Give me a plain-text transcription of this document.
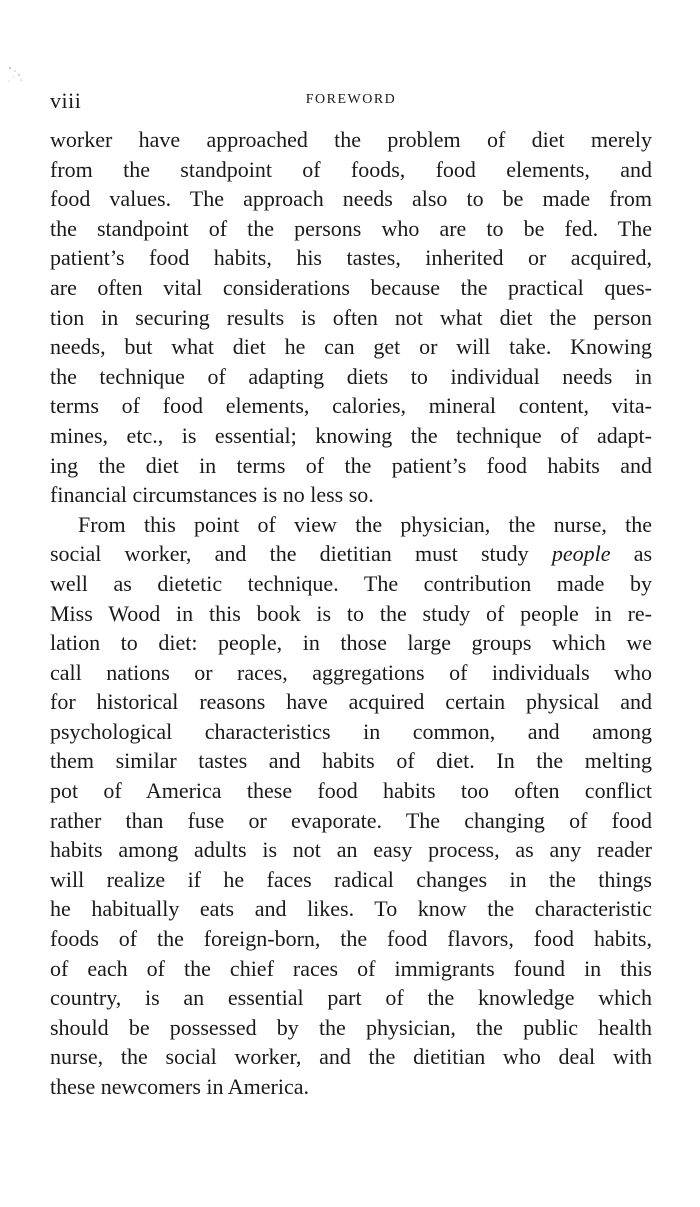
viii	FOREWORD
worker have approached the problem of diet merely
from the standpoint of foods, food elements, and
food values. The approach needs also to be made from
the standpoint of the persons who are to be fed. The
patient’s food habits, his tastes, inherited or acquired,
are often vital considerations because the practical ques-
tion in securing results is often not what diet the person
needs, but what diet he can get or will take. Knowing
the technique of adapting diets to individual needs in
terms of food elements, calories, mineral content, vita-
mines, etc., is essential; knowing the technique of adapt-
ing the diet in terms of the patient’s food habits and
financial circumstances is no less so.
From this point of view the physician, the nurse, the
social worker, and the dietitian must study people as
well as dietetic technique. The contribution made by
Miss Wood in this book is to the study of people in re-
lation to diet: people, in those large groups which we
call nations or races, aggregations of individuals who
for historical reasons have acquired certain physical and
psychological characteristics in common, and among
them similar tastes and habits of diet. In the melting
pot of America these food habits too often conflict
rather than fuse or evaporate. The changing of food
habits among adults is not an easy process, as any reader
will realize if he faces radical changes in the things
he habitually eats and likes. To know the characteristic
foods of the foreign-born, the food flavors, food habits,
of each of the chief races of immigrants found in this
country, is an essential part of the knowledge which
should be possessed by the physician, the public health
nurse, the social worker, and the dietitian who deal with
these newcomers in America.
